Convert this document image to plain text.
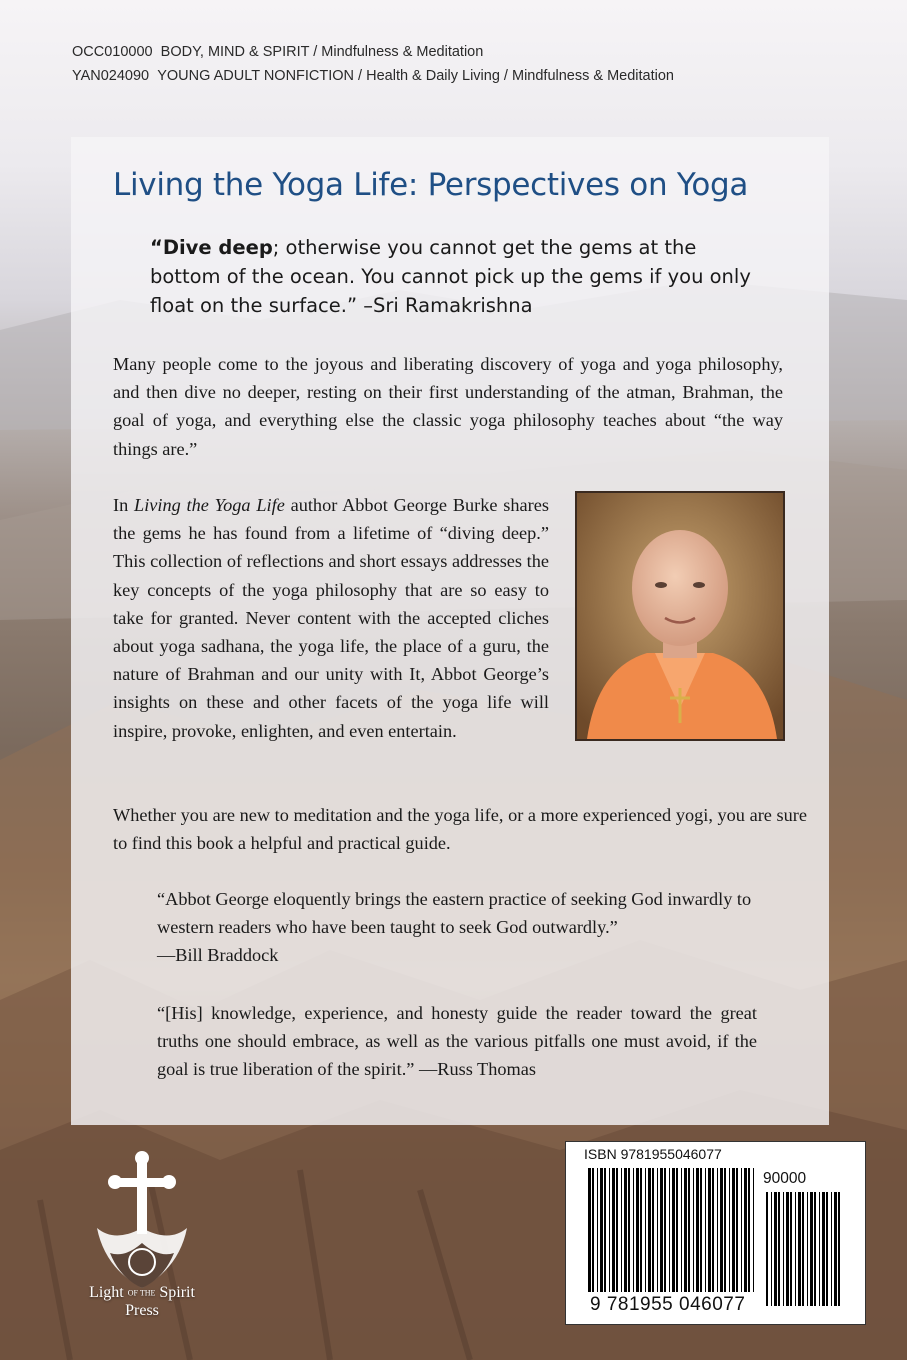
OCC010000 BODY, MIND & SPIRIT / Mindfulness & Meditation
YAN024090 YOUNG ADULT NONFICTION / Health & Daily Living / Mindfulness & Meditation
Living the Yoga Life: Perspectives on Yoga
“Dive deep; otherwise you cannot get the gems at the bottom of the ocean. You cannot pick up the gems if you only float on the surface.” –Sri Ramakrishna

Many people come to the joyous and liberating discovery of yoga and yoga philosophy, and then dive no deeper, resting on their first understanding of the atman, Brahman, the goal of yoga, and everything else the classic yoga philosophy teaches about “the way things are.”

In Living the Yoga Life author Abbot George Burke shares the gems he has found from a lifetime of “diving deep.” This collection of reflections and short essays addresses the key concepts of the yoga philosophy that are so easy to take for granted. Never content with the accepted cliches about yoga sadhana, the yoga life, the place of a guru, the nature of Brahman and our unity with It, Abbot George’s insights on these and other facets of the yoga life will inspire, provoke, enlighten, and even entertain.

Whether you are new to meditation and the yoga life, or a more experienced yogi, you are sure to find this book a helpful and practical guide.

“Abbot George eloquently brings the eastern practice of seeking God inwardly to western readers who have been taught to seek God outwardly.”
—Bill Braddock

“[His] knowledge, experience, and honesty guide the reader toward the great truths one should embrace, as well as the various pitfalls one must avoid, if the goal is true liberation of the spirit.” —Russ Thomas

Light OF THE Spirit
Press
ISBN 9781955046077
90000
9 781955 046077
